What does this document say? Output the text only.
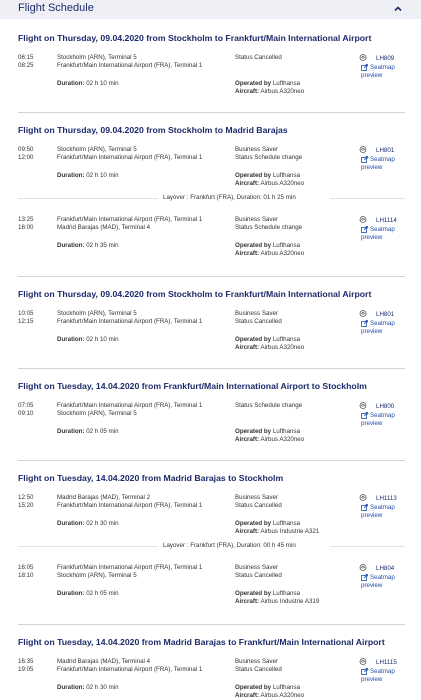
Flight Schedule
Flight on Thursday, 09.04.2020 from Stockholm to Frankfurt/Main International Airport
06:15
08:25
Stockholm (ARN), Terminal 5
Frankfurt/Main International Airport (FRA), Terminal 1
Status Cancelled
Duration: 02 h 10 min	Operated by Lufthansa
Aircraft: Airbus A320neo
LH809
Seatmap
preview
Flight on Thursday, 09.04.2020 from Stockholm to Madrid Barajas
09:50
12:00
Stockholm (ARN), Terminal 5
Frankfurt/Main International Airport (FRA), Terminal 1
Business Saver
Status Schedule change
Duration: 02 h 10 min	Operated by Lufthansa
Aircraft: Airbus A320neo
LH801
Seatmap
preview
13:25
16:00
Frankfurt/Main International Airport (FRA), Terminal 1
Madrid Barajas (MAD), Terminal 4
Business Saver
Status Schedule change
Duration: 02 h 35 min	Operated by Lufthansa
Aircraft: Airbus A320neo
LH1114
Seatmap
preview
Layover : Frankfurt (FRA), Duration: 01 h 25 min
Flight on Thursday, 09.04.2020 from Stockholm to Frankfurt/Main International Airport
10:05
12:15
Stockholm (ARN), Terminal 5
Frankfurt/Main International Airport (FRA), Terminal 1
Business Saver
Status Cancelled
Duration: 02 h 10 min	Operated by Lufthansa
Aircraft: Airbus A320neo
LH801
Seatmap
preview
Flight on Tuesday, 14.04.2020 from Frankfurt/Main International Airport to Stockholm
07:05
09:10
Frankfurt/Main International Airport (FRA), Terminal 1
Stockholm (ARN), Terminal 5
Status Schedule change
Duration: 02 h 05 min	Operated by Lufthansa
Aircraft: Airbus A320neo
LH800
Seatmap
preview
Flight on Tuesday, 14.04.2020 from Madrid Barajas to Stockholm
12:50
15:20
Madrid Barajas (MAD), Terminal 2
Frankfurt/Main International Airport (FRA), Terminal 1
Business Saver
Status Cancelled
Duration: 02 h 30 min	Operated by Lufthansa
Aircraft: Airbus Industrie A321
LH1113
Seatmap
preview
16:05
18:10
Frankfurt/Main International Airport (FRA), Terminal 1
Stockholm (ARN), Terminal 5
Business Saver
Status Cancelled
Duration: 02 h 05 min	Operated by Lufthansa
Aircraft: Airbus Industrie A319
LH804
Seatmap
preview
Layover : Frankfurt (FRA), Duration: 00 h 45 min
Flight on Tuesday, 14.04.2020 from Madrid Barajas to Frankfurt/Main International Airport
16:35
19:05
Madrid Barajas (MAD), Terminal 4
Frankfurt/Main International Airport (FRA), Terminal 1
Business Saver
Status Cancelled
Duration: 02 h 30 min	Operated by Lufthansa
Aircraft: Airbus A320neo
LH1115
Seatmap
preview
